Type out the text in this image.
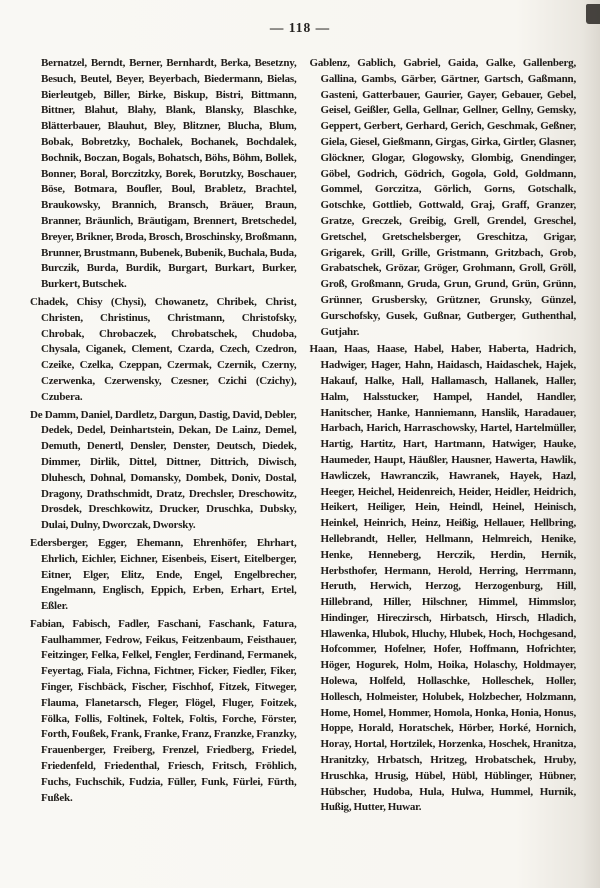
— 118 —

Bernatzel, Berndt, Berner, Bernhardt, Berka, Besetzny, Besuch, Beutel, Beyer, Beyerbach, Biedermann, Bielas, Bierleutgeb, Biller, Birke, Biskup, Bistri, Bittmann, Bittner, Blahut, Blahy, Blank, Blansky, Blaschke, Blätterbauer, Blauhut, Bley, Blitzner, Blucha, Blum, Bobak, Bobretzky, Bochalek, Bochanek, Bochdalek, Bochnik, Boczan, Bogals, Bohatsch, Böhs, Böhm, Bollek, Bonner, Boral, Borczitzky, Borek, Borutzky, Boschauer, Böse, Botmara, Boufler, Boul, Brabletz, Brachtel, Braukowsky, Brannich, Bransch, Bräuer, Braun, Branner, Bräunlich, Bräutigam, Brennert, Bretschedel, Breyer, Brikner, Broda, Brosch, Broschinsky, Broßmann, Brunner, Brustmann, Bubenek, Bubenik, Buchala, Buda, Burczik, Burda, Burdik, Burgart, Burkart, Burker, Burkert, Butschek.

Chadek, Chisy (Chysi), Chowanetz, Chribek, Christ, Christen, Christinus, Christmann, Christofsky, Chrobak, Chrobaczek, Chrobatschek, Chudoba, Chysala, Ciganek, Clement, Czarda, Czech, Czedron, Czeike, Czelka, Czeppan, Czermak, Czernik, Czerny, Czerwenka, Czerwensky, Czesner, Czichi (Czichy), Czubera.

De Damm, Daniel, Dardletz, Dargun, Dastig, David, Debler, Dedek, Dedel, Deinhartstein, Dekan, De Lainz, Demel, Demuth, Denertl, Densler, Denster, Deutsch, Diedek, Dimmer, Dirlik, Dittel, Dittner, Dittrich, Diwisch, Dluhesch, Dohnal, Domansky, Dombek, Doniv, Dostal, Dragony, Drathschmidt, Dratz, Drechsler, Dreschowitz, Drosdek, Dreschkowitz, Drucker, Druschka, Dubsky, Dulai, Dulny, Dworczak, Dworsky.

Edersberger, Egger, Ehemann, Ehrenhöfer, Ehrhart, Ehrlich, Eichler, Eichner, Eisenbeis, Eisert, Eitelberger, Eitner, Elger, Elitz, Ende, Engel, Engelbrecher, Engelmann, Englisch, Eppich, Erben, Erhart, Ertel, Eßler.

Fabian, Fabisch, Fadler, Faschani, Faschank, Fatura, Faulhammer, Fedrow, Feikus, Feitzenbaum, Feisthauer, Feitzinger, Felka, Felkel, Fengler, Ferdinand, Fermanek, Feyertag, Fiala, Fichna, Fichtner, Ficker, Fiedler, Fiker, Finger, Fischbäck, Fischer, Fischhof, Fitzek, Fitweger, Flauma, Flanetarsch, Fleger, Flögel, Fluger, Foitzek, Fölka, Follis, Foltinek, Foltek, Foltis, Forche, Förster, Forth, Foußek, Frank, Franke, Franz, Franzke, Franzky, Frauenberger, Freiberg, Frenzel, Friedberg, Friedel, Friedenfeld, Friedenthal, Friesch, Fritsch, Fröhlich, Fuchs, Fuchschik, Fudzia, Füller, Funk, Fürlei, Fürth, Fußek.

Gablenz, Gablich, Gabriel, Gaida, Galke, Gallenberg, Gallina, Gambs, Gärber, Gärtner, Gartsch, Gaßmann, Gasteni, Gatterbauer, Gaurier, Gayer, Gebauer, Gebel, Geisel, Geißler, Gella, Gellnar, Gellner, Gellny, Gemsky, Geppert, Gerbert, Gerhard, Gerich, Geschmak, Geßner, Giela, Giesel, Gießmann, Girgas, Girka, Girtler, Glasner, Glöckner, Glogar, Glogowsky, Glombig, Gnendinger, Göbel, Godrich, Gödrich, Gogola, Gold, Goldmann, Gommel, Gorczitza, Görlich, Gorns, Gotschalk, Gotschke, Gottlieb, Gottwald, Graj, Graff, Granzer, Gratze, Greczek, Greibig, Grell, Grendel, Greschel, Gretschel, Gretschelsberger, Greschitza, Grigar, Grigarek, Grill, Grille, Gristmann, Gritzbach, Grob, Grabatschek, Grözar, Gröger, Grohmann, Groll, Gröll, Groß, Großmann, Gruda, Grun, Grund, Grün, Grünn, Grünner, Grusbersky, Grützner, Grunsky, Günzel, Gurschofsky, Gusek, Gußnar, Gutberger, Guthenthal, Gutjahr.

Haan, Haas, Haase, Habel, Haber, Haberta, Hadrich, Hadwiger, Hager, Hahn, Haidasch, Haidaschek, Hajek, Hakauf, Halke, Hall, Hallamasch, Hallanek, Haller, Halm, Halsstucker, Hampel, Handel, Handler, Hanitscher, Hanke, Hanniemann, Hanslik, Haradauer, Harbach, Harich, Harraschowsky, Hartel, Hartelmüller, Hartig, Hartitz, Hart, Hartmann, Hatwiger, Hauke, Haumeder, Haupt, Häußler, Hausner, Hawerta, Hawlik, Hawliczek, Hawranczik, Hawranek, Hayek, Hazl, Heeger, Heichel, Heidenreich, Heider, Heidler, Heidrich, Heikert, Heiliger, Hein, Heindl, Heinel, Heinisch, Heinkel, Heinrich, Heinz, Heißig, Hellauer, Hellbring, Hellebrandt, Heller, Hellmann, Helmreich, Henike, Henke, Henneberg, Herczik, Herdin, Hernik, Herbsthofer, Hermann, Herold, Herring, Herrmann, Heruth, Herwich, Herzog, Herzogenburg, Hill, Hillebrand, Hiller, Hilschner, Himmel, Himmslor, Hindinger, Hireczirsch, Hirbatsch, Hirsch, Hladich, Hlawenka, Hlubok, Hluchy, Hlubek, Hoch, Hochgesand, Hofcommer, Hofelner, Hofer, Hoffmann, Hofrichter, Höger, Hogurek, Holm, Hoika, Holaschy, Holdmayer, Holewa, Holfeld, Hollaschke, Holleschek, Holler, Hollesch, Holmeister, Holubek, Holzbecher, Holzmann, Home, Homel, Hommer, Homola, Honka, Honia, Honus, Hoppe, Horald, Horatschek, Hörber, Horké, Hornich, Horay, Hortal, Hortzilek, Horzenka, Hoschek, Hranitza, Hranitzky, Hrbatsch, Hritzeg, Hrobatschek, Hruby, Hruschka, Hrusig, Hübel, Hübl, Hüblinger, Hübner, Hübscher, Hudoba, Hula, Hulwa, Hummel, Hurnik, Hußig, Hutter, Huwar.
